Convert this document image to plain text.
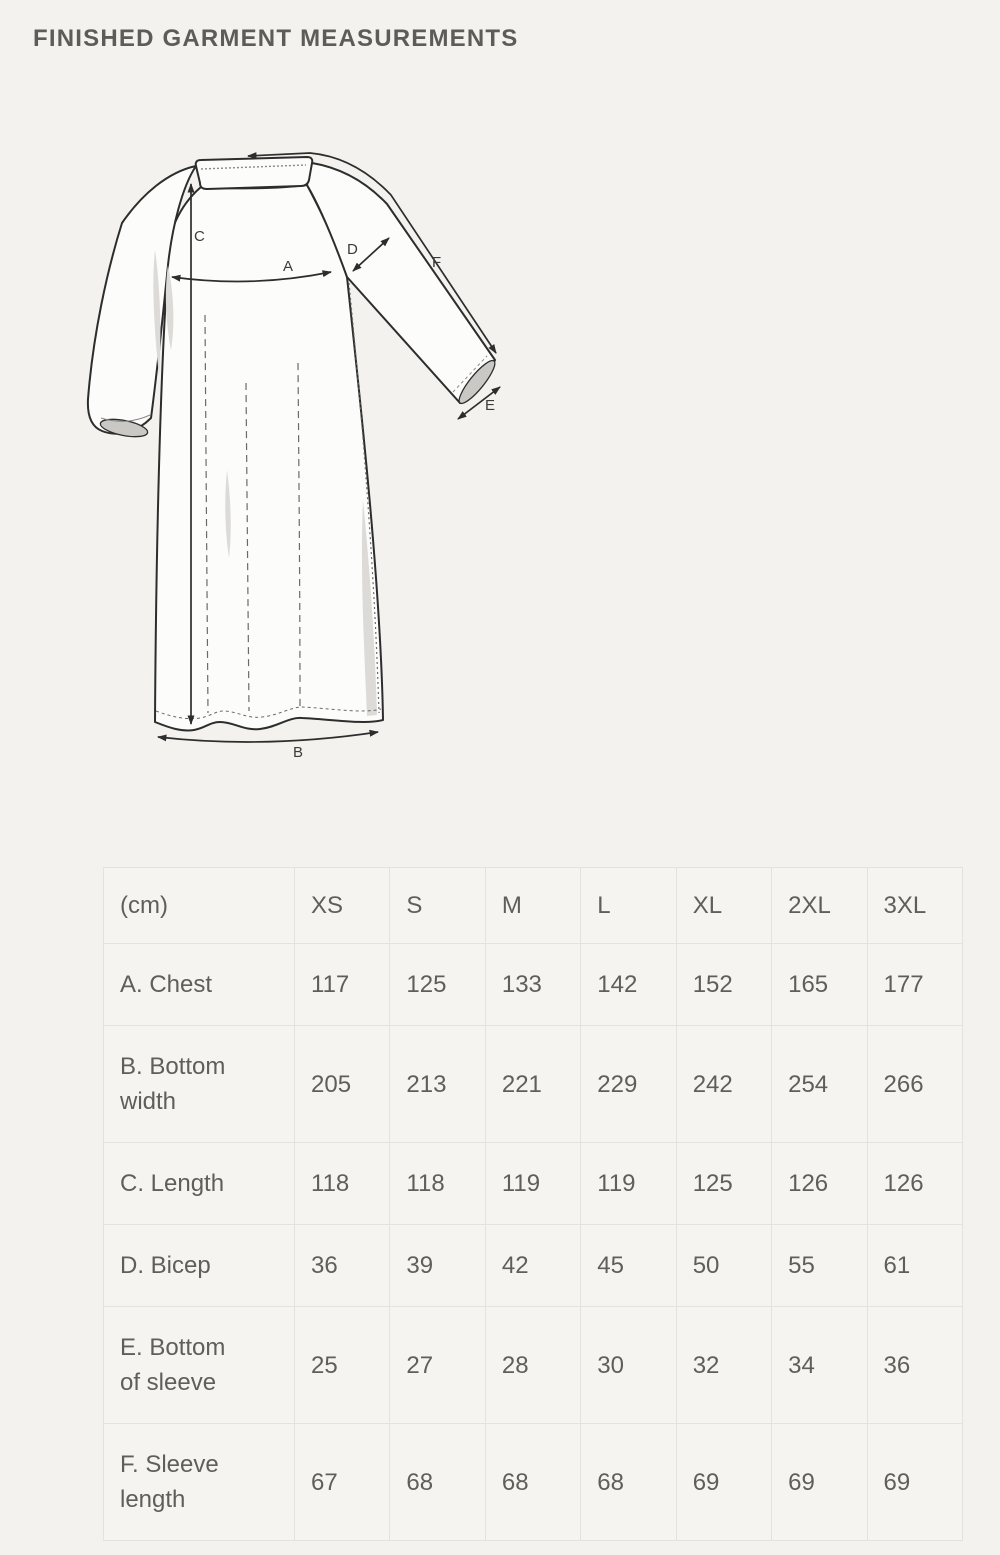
FINISHED GARMENT MEASUREMENTS
C
A
D
F
E
B
(cm)	XS	S	M	L	XL	2XL	3XL
A. Chest	117	125	133	142	152	165	177
B. Bottom width	205	213	221	229	242	254	266
C. Length	118	118	119	119	125	126	126
D. Bicep	36	39	42	45	50	55	61
E. Bottom of sleeve	25	27	28	30	32	34	36
F. Sleeve length	67	68	68	68	69	69	69
